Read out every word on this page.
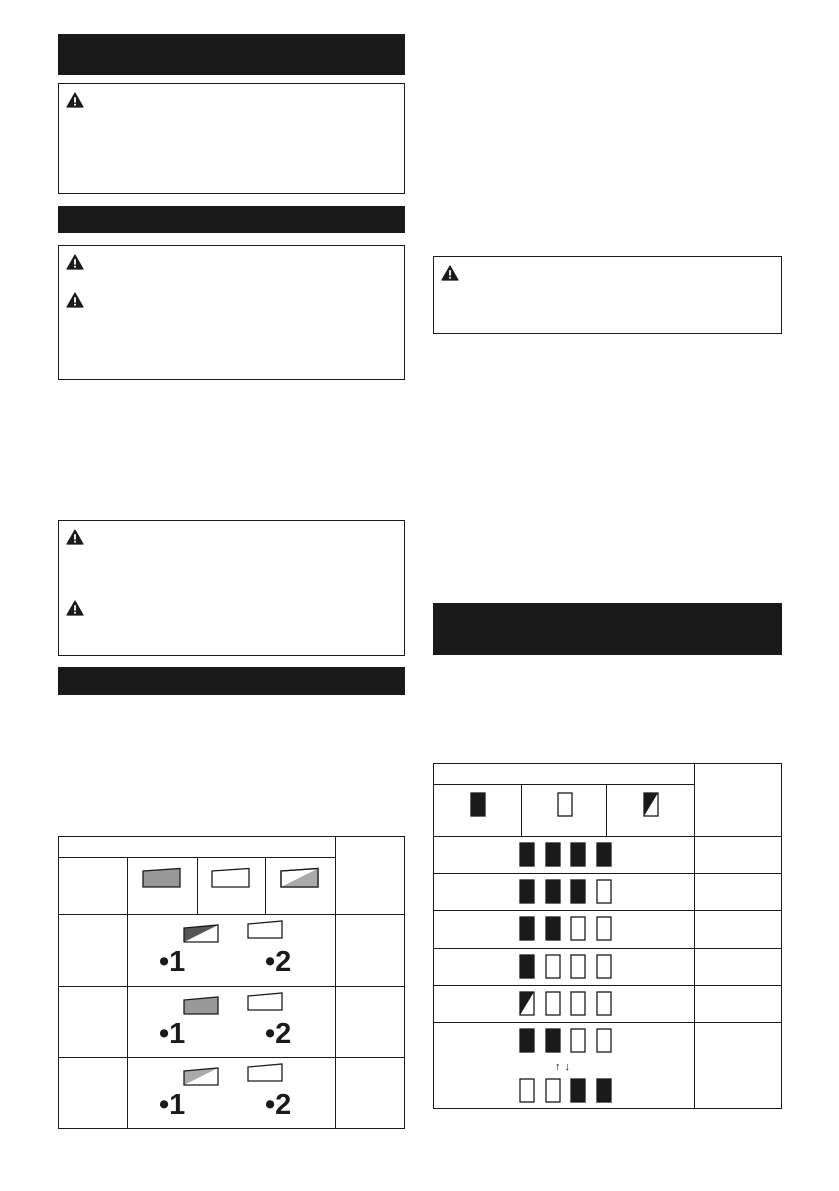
•1	•2
•1	•2
•1	•2
↑↓
